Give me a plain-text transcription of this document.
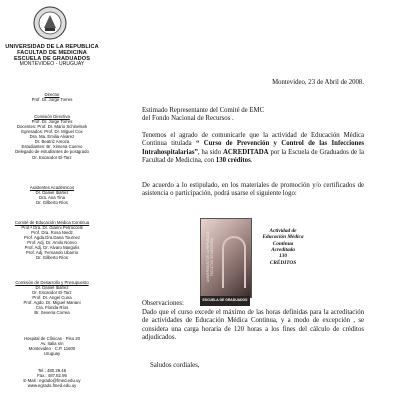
UNIVERSIDAD DE LA REPUBLICA
FACULTAD DE MEDICINA
ESCUELA DE GRADUADOS
MONTEVIDEO - URUGUAY
Director
Prof. Dr. Jorge Torres
Comisión Directiva
Prof. Dr. Jorge Torres
Docentes: Prof. Dr. Mario Schinelsek
Egresados: Prof. Dr. Miguel Cox
Dra. Ma. Emilia Alvarez
Dr. Beatriz Amoza
Estudiantes: Br. Ximena Cuervo
Delegado de estudiantes de postgrado
Dr. Escandor El-Tarz
Asistentes Académicos
Dr. Daniel Ibáñez
Dra. Ana Tina
Dr. Gilberto Ríos
Comité de Educación Médica Continua
Prof.ª Dra. Dr. Gianni Petruccelli
Prof. Dra. Rosa Niedz
Prof. Agda.Dra.Dana Tournez
Prof. Adj. Dr. Amilo Nonvo
Prof. Adj. Dr. Alvaro Margolis
Prof. Adj. Fernando Ubarrio
Dr. Gilberto Ríos
Comisión de Desarrollo y Presupuesto
Dr. Daniel Ibáñez
Dr. Escandor El-Tarz
Prof. Dr. Angel Cuna
Prof. Agdo. Dr. Miguel Mariani
Cra. Florida Ríos
Br. Severia Correa
Hospital de Clínicas · Piso 20
Av. Italia s/n
Montevideo · C.P. 11600
Uruguay
Tel.: 480.29.46
Fax.: 487.82.95
E-Mail : egrado@fmed.edu.uy
www.egrado.fmed.edu.uy

Montevideo, 23 de Abril de 2008.

Estimado Representante del Comité de EMC
del Fondo Nacional de Recursos .

Tenemos el agrado de comunicarle que la actividad de Educación Médica Continua titulada “ Curso de Prevención y Control de las Infecciones Intrahospitalarias”, ha sido ACREDITADA por la Escuela de Graduados de la Facultad de Medicina, con 130 créditos.

De acuerdo a lo estipulado, en los materiales de promoción y/o certificados de asistencia o participación, podrá usarse el siguiente logo:

Observaciones:

Dado que el curso excede el máximo de las horas definidas para la acreditación de actividades de Educación Médica Continua, y a modo de excepción , se considera una carga horaria de 120 horas a los fines del cálculo de créditos adjudicados.

Saludos cordiales,

UNIVERSIDAD DE LA REPUBLICA
FACULTAD DE MEDICINA
ESCUELA DE GRADUADOS
Actividad de
Educación Médica
Continua
Acreditada
130
CRÉDITOS
